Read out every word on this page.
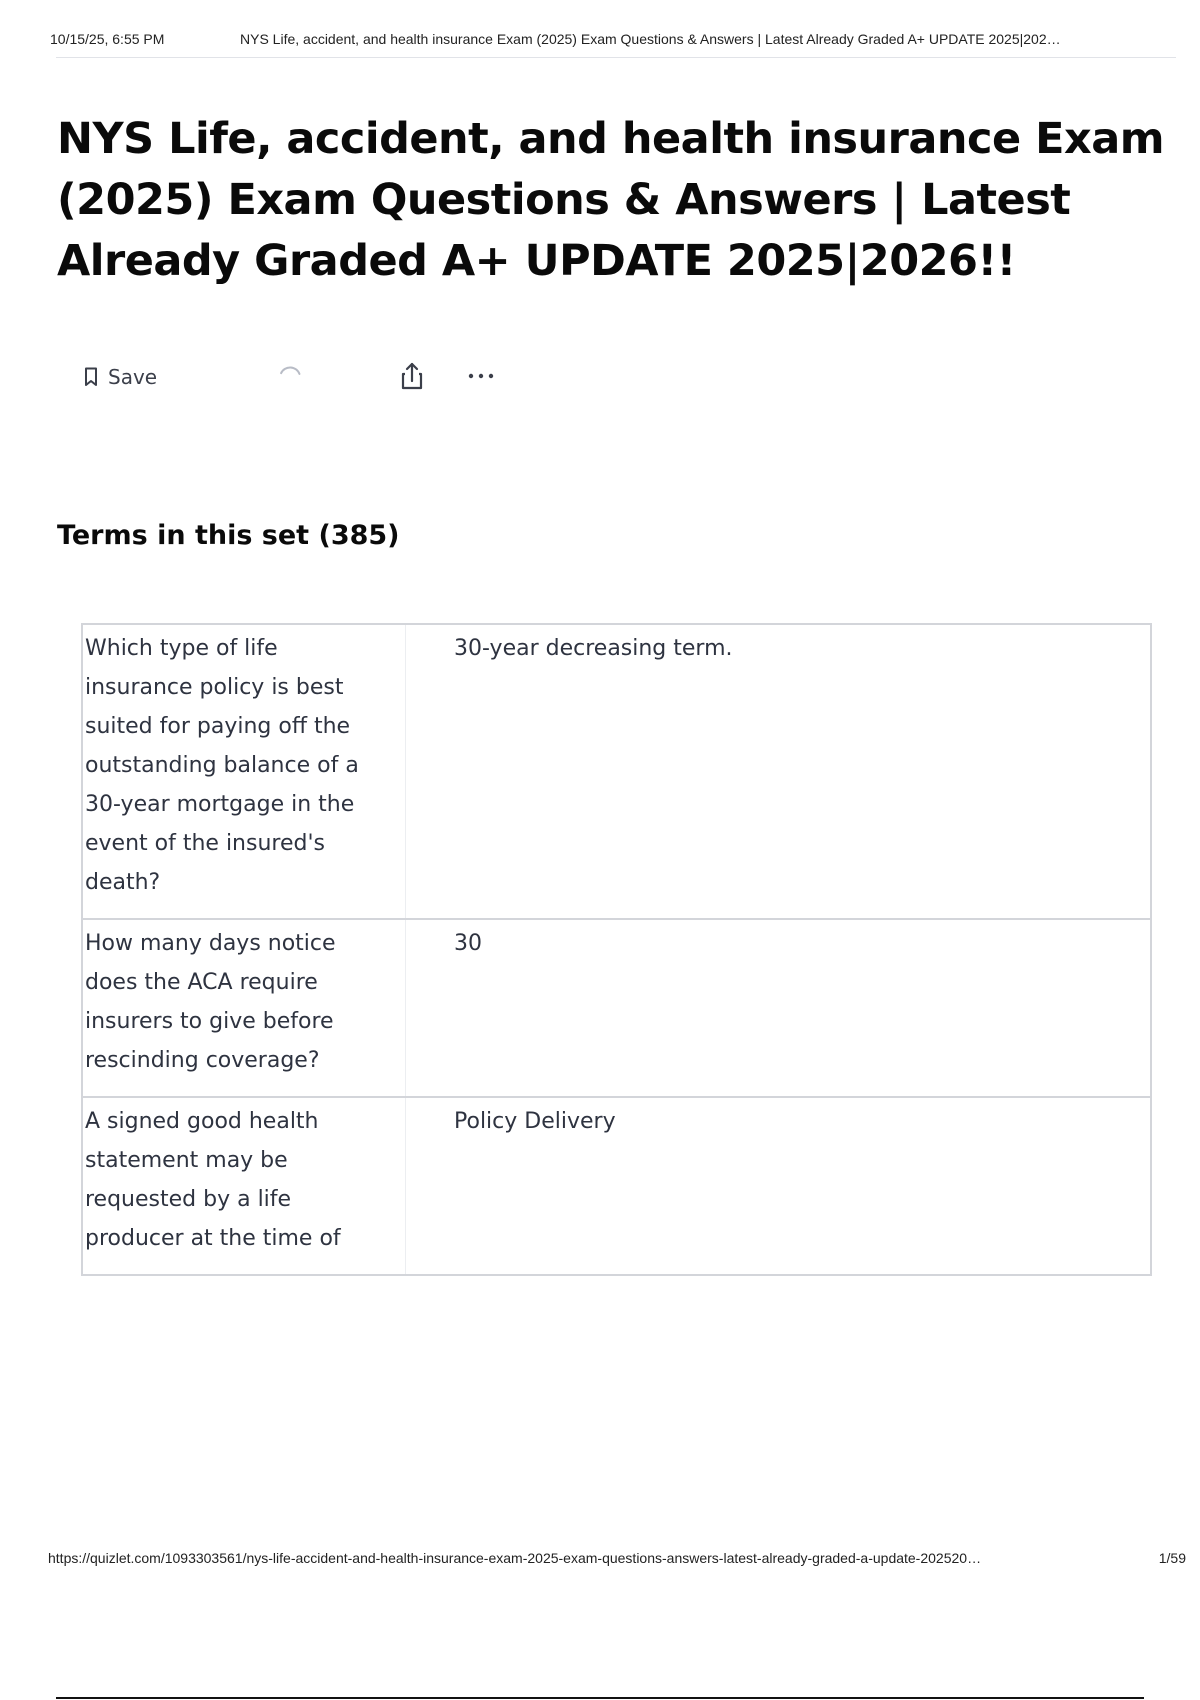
10/15/25, 6:55 PM	NYS Life, accident, and health insurance Exam (2025) Exam Questions & Answers | Latest Already Graded A+ UPDATE 2025|202…
NYS Life, accident, and health insurance Exam (2025) Exam Questions & Answers | Latest Already Graded A+ UPDATE 2025|2026!!
Save
Terms in this set (385)
Which type of life insurance policy is best suited for paying off the outstanding balance of a 30-year mortgage in the event of the insured's death?	30-year decreasing term.

How many days notice does the ACA require insurers to give before rescinding coverage?	30

A signed good health statement may be requested by a life producer at the time of	Policy Delivery
https://quizlet.com/1093303561/nys-life-accident-and-health-insurance-exam-2025-exam-questions-answers-latest-already-graded-a-update-202520…	1/59
